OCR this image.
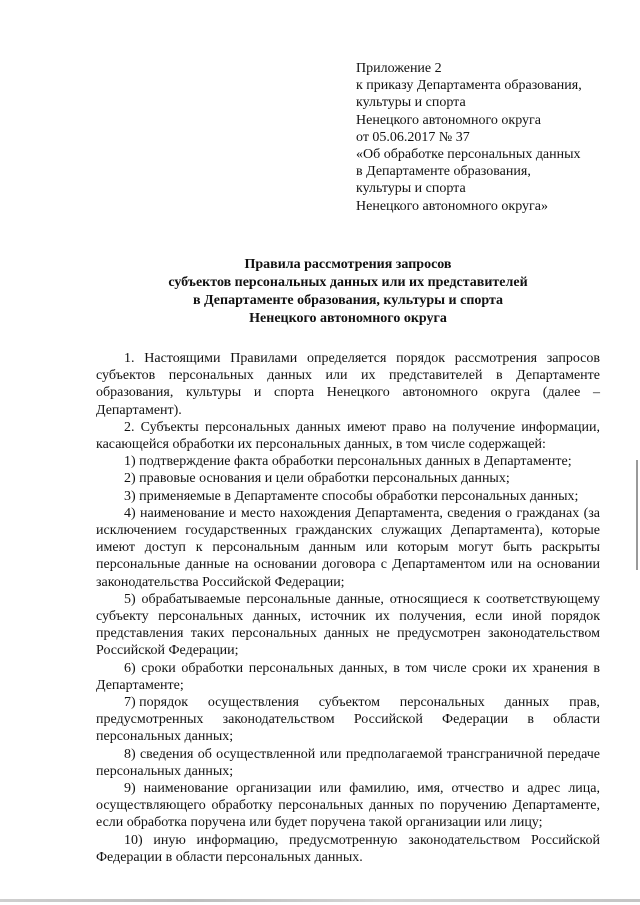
Приложение 2
к приказу Департамента образования,
культуры и спорта
Ненецкого автономного округа
от 05.06.2017 № 37
«Об обработке персональных данных
в Департаменте образования,
культуры и спорта
Ненецкого автономного округа»
Правила рассмотрения запросов
субъектов персональных данных или их представителей
в Департаменте образования, культуры и спорта
Ненецкого автономного округа

1. Настоящими Правилами определяется порядок рассмотрения запросов субъектов персональных данных или их представителей в Департаменте образования, культуры и спорта Ненецкого автономного округа (далее – Департамент).

2. Субъекты персональных данных имеют право на получение информации, касающейся обработки их персональных данных, в том числе содержащей:

1) подтверждение факта обработки персональных данных в Департаменте;

2) правовые основания и цели обработки персональных данных;

3) применяемые в Департаменте способы обработки персональных данных;

4) наименование и место нахождения Департамента, сведения о гражданах (за исключением государственных гражданских служащих Департамента), которые имеют доступ к персональным данным или которым могут быть раскрыты персональные данные на основании договора с Департаментом или на основании законодательства Российской Федерации;

5) обрабатываемые персональные данные, относящиеся к соответствующему субъекту персональных данных, источник их получения, если иной порядок представления таких персональных данных не предусмотрен законодательством Российской Федерации;

6) сроки обработки персональных данных, в том числе сроки их хранения в Департаменте;

7) порядок осуществления субъектом персональных данных прав,
предусмотренных законодательством Российской Федерации в области
персональных данных;

8) сведения об осуществленной или предполагаемой трансграничной передаче персональных данных;

9) наименование организации или фамилию, имя, отчество и адрес лица, осуществляющего обработку персональных данных по поручению Департаменте, если обработка поручена или будет поручена такой организации или лицу;

10) иную информацию, предусмотренную законодательством Российской Федерации в области персональных данных.
